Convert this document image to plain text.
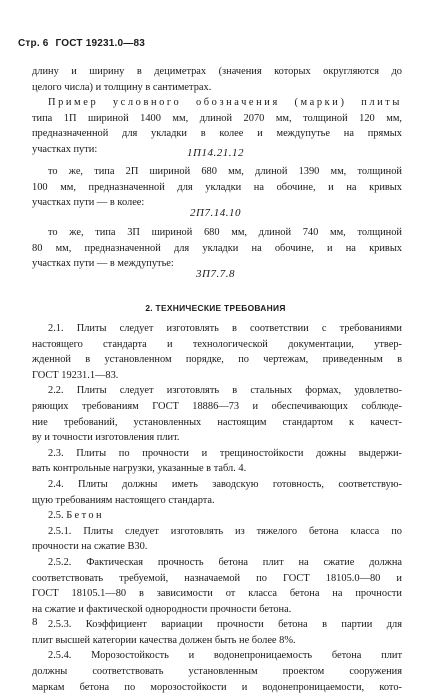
Стр. 6 ГОСТ 19231.0—83
длину и ширину в дециметрах (значения которых округляются до
целого числа) и толщину в сантиметрах.
Пример условного обозначения (марки) плиты
типа 1П шириной 1400 мм, длиной 2070 мм, толщиной 120 мм,
предназначенной для укладки в колее и междупутье на прямых
участках пути:	1П14.21.12
то же, типа 2П шириной 680 мм, длиной 1390 мм, толщиной
100 мм, предназначенной для укладки на обочине, и на кривых
участках пути — в колее:
2П7.14.10
то же, типа 3П шириной 680 мм, длиной 740 мм, толщиной
80 мм, предназначенной для укладки на обочине, и на кривых
участках пути — в междупутье:
3П7.7.8
2. ТЕХНИЧЕСКИЕ ТРЕБОВАНИЯ
2.1. Плиты следует изготовлять в соответствии с требованиями
настоящего стандарта и технологической документации, утвер-
жденной в установленном порядке, по чертежам, приведенным в
ГОСТ 19231.1—83.
2.2. Плиты следует изготовлять в стальных формах, удовлетво-
ряющих требованиям ГОСТ 18886—73 и обеспечивающих соблюде-
ние требований, установленных настоящим стандартом к качест-
ву и точности изготовления плит.
2.3. Плиты по прочности и трещиностойкости дожны выдержи-
вать контрольные нагрузки, указанные в табл. 4.
2.4. Плиты должны иметь заводскую готовность, соответствую-
щую требованиям настоящего стандарта.
2.5. Бетон
2.5.1. Плиты следует изготовлять из тяжелого бетона класса по
прочности на сжатие В30.
2.5.2. Фактическая прочность бетона плит на сжатие должна
соответствовать требуемой, назначаемой по ГОСТ 18105.0—80 и
ГОСТ 18105.1—80 в зависимости от класса бетона на прочности
на сжатие и фактической однородности прочности бетона.
2.5.3. Коэффициент вариации прочности бетона в партии для
плит высшей категории качества должен быть не более 8%.
2.5.4. Морозостойкость и водонепроницаемость бетона плит
должны соответствовать установленным проектом сооружения
маркам бетона по морозостойкости и водонепроницаемости, кото-
8
